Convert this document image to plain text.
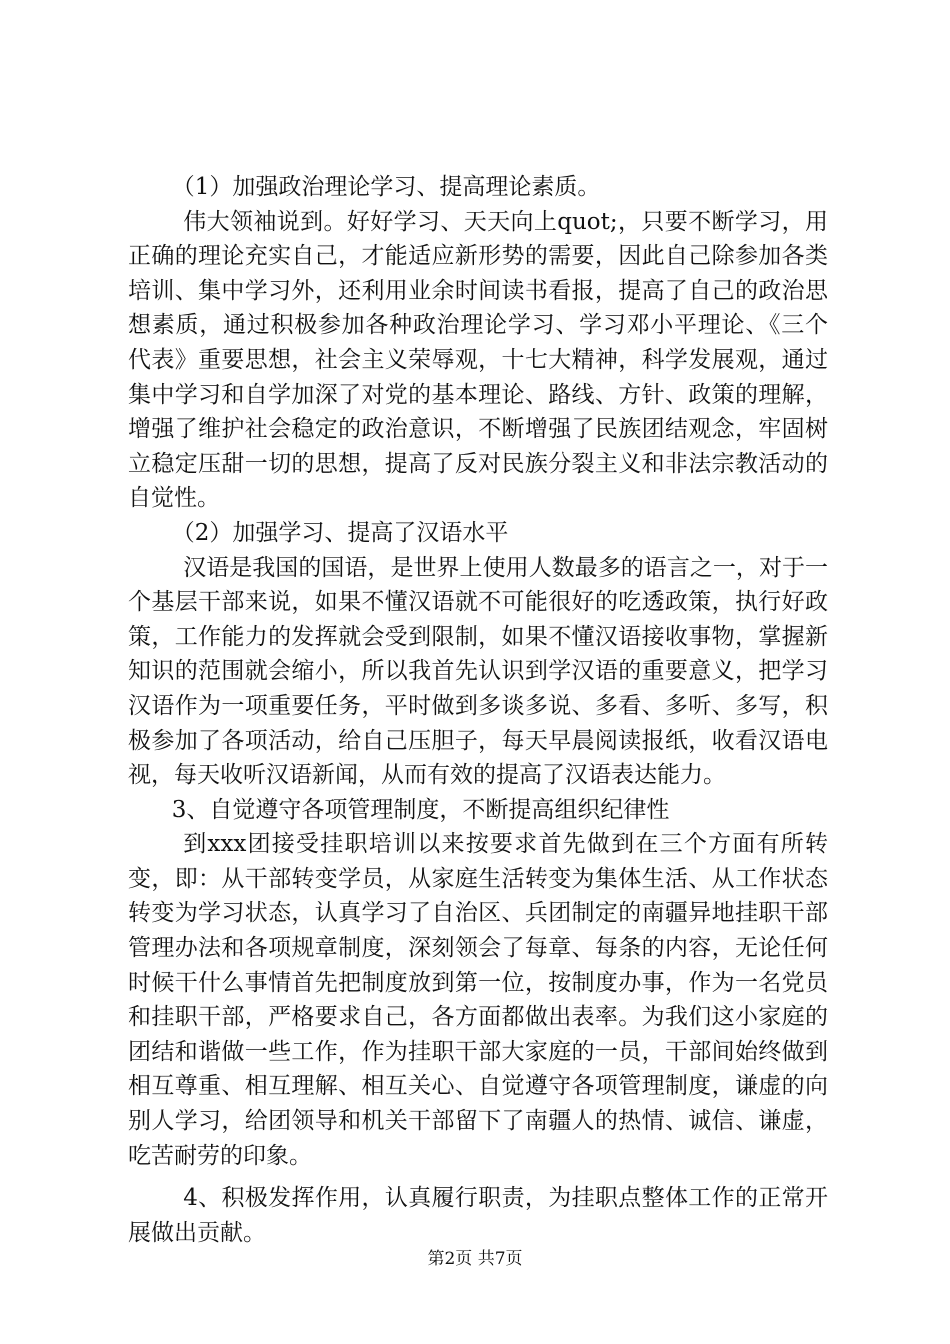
（1）加强政治理论学习、提高理论素质。

伟大领袖说到。好好学习、天天向上quot;，只要不断学习，用正确的理论充实自己，才能适应新形势的需要，因此自己除参加各类培训、集中学习外，还利用业余时间读书看报，提高了自己的政治思想素质，通过积极参加各种政治理论学习、学习邓小平理论、《三个代表》重要思想，社会主义荣辱观，十七大精神，科学发展观，通过集中学习和自学加深了对党的基本理论、路线、方针、政策的理解，增强了维护社会稳定的政治意识，不断增强了民族团结观念，牢固树立稳定压甜一切的思想，提高了反对民族分裂主义和非法宗教活动的自觉性。

（2）加强学习、提高了汉语水平

汉语是我国的国语，是世界上使用人数最多的语言之一，对于一个基层干部来说，如果不懂汉语就不可能很好的吃透政策，执行好政策，工作能力的发挥就会受到限制，如果不懂汉语接收事物，掌握新知识的范围就会缩小，所以我首先认识到学汉语的重要意义，把学习汉语作为一项重要任务，平时做到多谈多说、多看、多听、多写，积极参加了各项活动，给自己压胆子，每天早晨阅读报纸，收看汉语电视，每天收听汉语新闻，从而有效的提高了汉语表达能力。

3、自觉遵守各项管理制度，不断提高组织纪律性

到xxx团接受挂职培训以来按要求首先做到在三个方面有所转变，即：从干部转变学员，从家庭生活转变为集体生活、从工作状态转变为学习状态，认真学习了自治区、兵团制定的南疆异地挂职干部管理办法和各项规章制度，深刻领会了每章、每条的内容，无论任何时候干什么事情首先把制度放到第一位，按制度办事，作为一名党员和挂职干部，严格要求自己，各方面都做出表率。为我们这小家庭的团结和谐做一些工作，作为挂职干部大家庭的一员，干部间始终做到相互尊重、相互理解、相互关心、自觉遵守各项管理制度，谦虚的向别人学习，给团领导和机关干部留下了南疆人的热情、诚信、谦虚，吃苦耐劳的印象。

4、积极发挥作用，认真履行职责，为挂职点整体工作的正常开展做出贡献。

第2页 共7页
